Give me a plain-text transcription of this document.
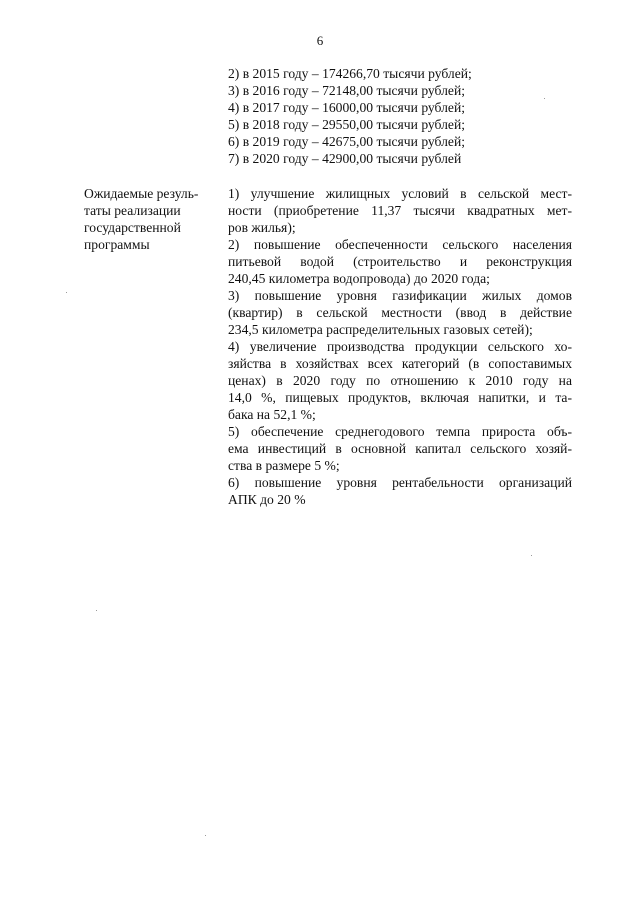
6
2) в 2015 году – 174266,70 тысячи рублей;
3) в 2016 году – 72148,00 тысячи рублей;
4) в 2017 году – 16000,00 тысячи рублей;
5) в 2018 году – 29550,00 тысячи рублей;
6) в 2019 году – 42675,00 тысячи рублей;
7) в 2020 году – 42900,00 тысячи рублей
Ожидаемые резуль-
таты реализации
государственной
программы
1) улучшение жилищных условий в сельской мест-
ности (приобретение 11,37 тысячи квадратных мет-
ров жилья);
2) повышение обеспеченности сельского населения
питьевой водой (строительство и реконструкция
240,45 километра водопровода) до 2020 года;
3) повышение уровня газификации жилых домов
(квартир) в сельской местности (ввод в действие
234,5 километра распределительных газовых сетей);
4) увеличение производства продукции сельского хо-
зяйства в хозяйствах всех категорий (в сопоставимых
ценах) в 2020 году по отношению к 2010 году на
14,0 %, пищевых продуктов, включая напитки, и та-
бака на 52,1 %;
5) обеспечение среднегодового темпа прироста объ-
ема инвестиций в основной капитал сельского хозяй-
ства в размере 5 %;
6) повышение уровня рентабельности организаций
АПК до 20 %
